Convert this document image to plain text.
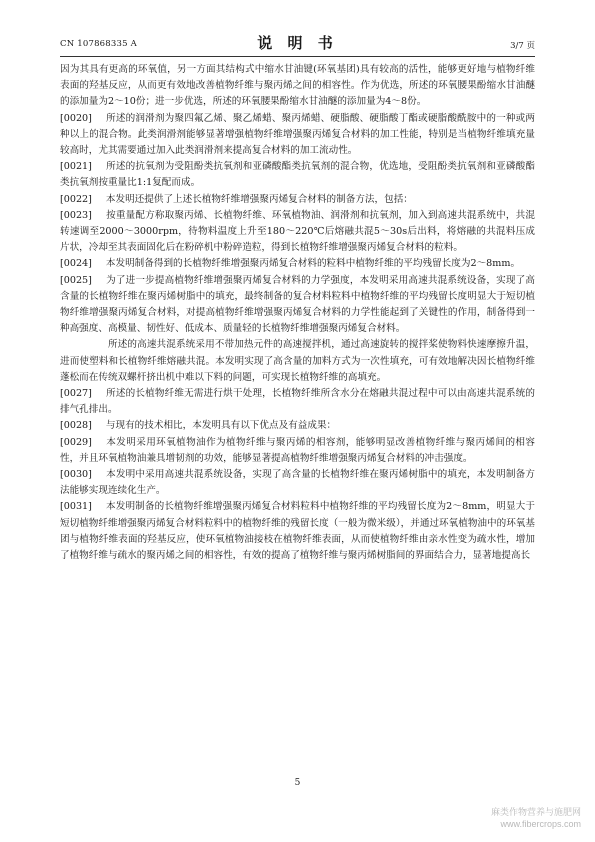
CN 107868335 A	说 明 书	3/7 页

因为其具有更高的环氧值，另一方面其结构式中缩水甘油键(环氧基团)具有较高的活性，能够更好地与植物纤维表面的羟基反应，从而更有效地改善植物纤维与聚丙烯之间的相容性。作为优选，所述的环氧腰果酚缩水甘油醚的添加量为2～10份；进一步优选，所述的环氧腰果酚缩水甘油醚的添加量为4～8份。

[0020] 所述的润滑剂为聚四氟乙烯、聚乙烯蜡、聚丙烯蜡、硬脂酸、硬脂酸丁酯或硬脂酸酰胺中的一种或两种以上的混合物。此类润滑剂能够显著增强植物纤维增强聚丙烯复合材料的加工性能，特别是当植物纤维填充量较高时，尤其需要通过加入此类润滑剂来提高复合材料的加工流动性。

[0021] 所述的抗氧剂为受阻酚类抗氧剂和亚磷酸酯类抗氧剂的混合物，优选地，受阻酚类抗氧剂和亚磷酸酯类抗氧剂按重量比1:1复配而成。

[0022] 本发明还提供了上述长植物纤维增强聚丙烯复合材料的制备方法，包括：

[0023] 按重量配方称取聚丙烯、长植物纤维、环氧植物油、润滑剂和抗氧剂，加入到高速共混系统中，共混转速调至2000～3000rpm，待物料温度上升至180～220℃后熔融共混5～30s后出料，将熔融的共混料压成片状，冷却至其表面固化后在粉碎机中粉碎造粒，得到长植物纤维增强聚丙烯复合材料的粒料。

[0024] 本发明制备得到的长植物纤维增强聚丙烯复合材料的粒料中植物纤维的平均残留长度为2～8mm。

[0025] 为了进一步提高植物纤维增强聚丙烯复合材料的力学强度，本发明采用高速共混系统设备，实现了高含量的长植物纤维在聚丙烯树脂中的填充，最终制备的复合材料粒料中植物纤维的平均残留长度明显大于短切植物纤维增强聚丙烯复合材料，对提高植物纤维增强聚丙烯复合材料的力学性能起到了关键性的作用，制备得到一种高强度、高模量、韧性好、低成本、质量轻的长植物纤维增强聚丙烯复合材料。

所述的高速共混系统采用不带加热元件的高速搅拌机，通过高速旋转的搅拌桨使物料快速摩擦升温，进而使塑料和长植物纤维熔融共混。本发明实现了高含量的加料方式为一次性填充，可有效地解决因长植物纤维蓬松而在传统双螺杆挤出机中难以下料的问题，可实现长植物纤维的高填充。

[0027] 所述的长植物纤维无需进行烘干处理，长植物纤维所含水分在熔融共混过程中可以由高速共混系统的排气孔排出。

[0028] 与现有的技术相比，本发明具有以下优点及有益成果：

[0029] 本发明采用环氧植物油作为植物纤维与聚丙烯的相容剂，能够明显改善植物纤维与聚丙烯间的相容性，并且环氧植物油兼具增韧剂的功效，能够显著提高植物纤维增强聚丙烯复合材料的冲击强度。

[0030] 本发明中采用高速共混系统设备，实现了高含量的长植物纤维在聚丙烯树脂中的填充，本发明制备方法能够实现连续化生产。

[0031] 本发明制备的长植物纤维增强聚丙烯复合材料粒料中植物纤维的平均残留长度为2～8mm，明显大于短切植物纤维增强聚丙烯复合材料粒料中的植物纤维的残留长度（一般为微米级），并通过环氧植物油中的环氧基团与植物纤维表面的羟基反应，使环氧植物油接枝在植物纤维表面，从而使植物纤维由亲水性变为疏水性，增加了植物纤维与疏水的聚丙烯之间的相容性，有效的提高了植物纤维与聚丙烯树脂间的界面结合力，显著地提高长

5
麻类作物营养与施肥网
www.fibercrops.com
